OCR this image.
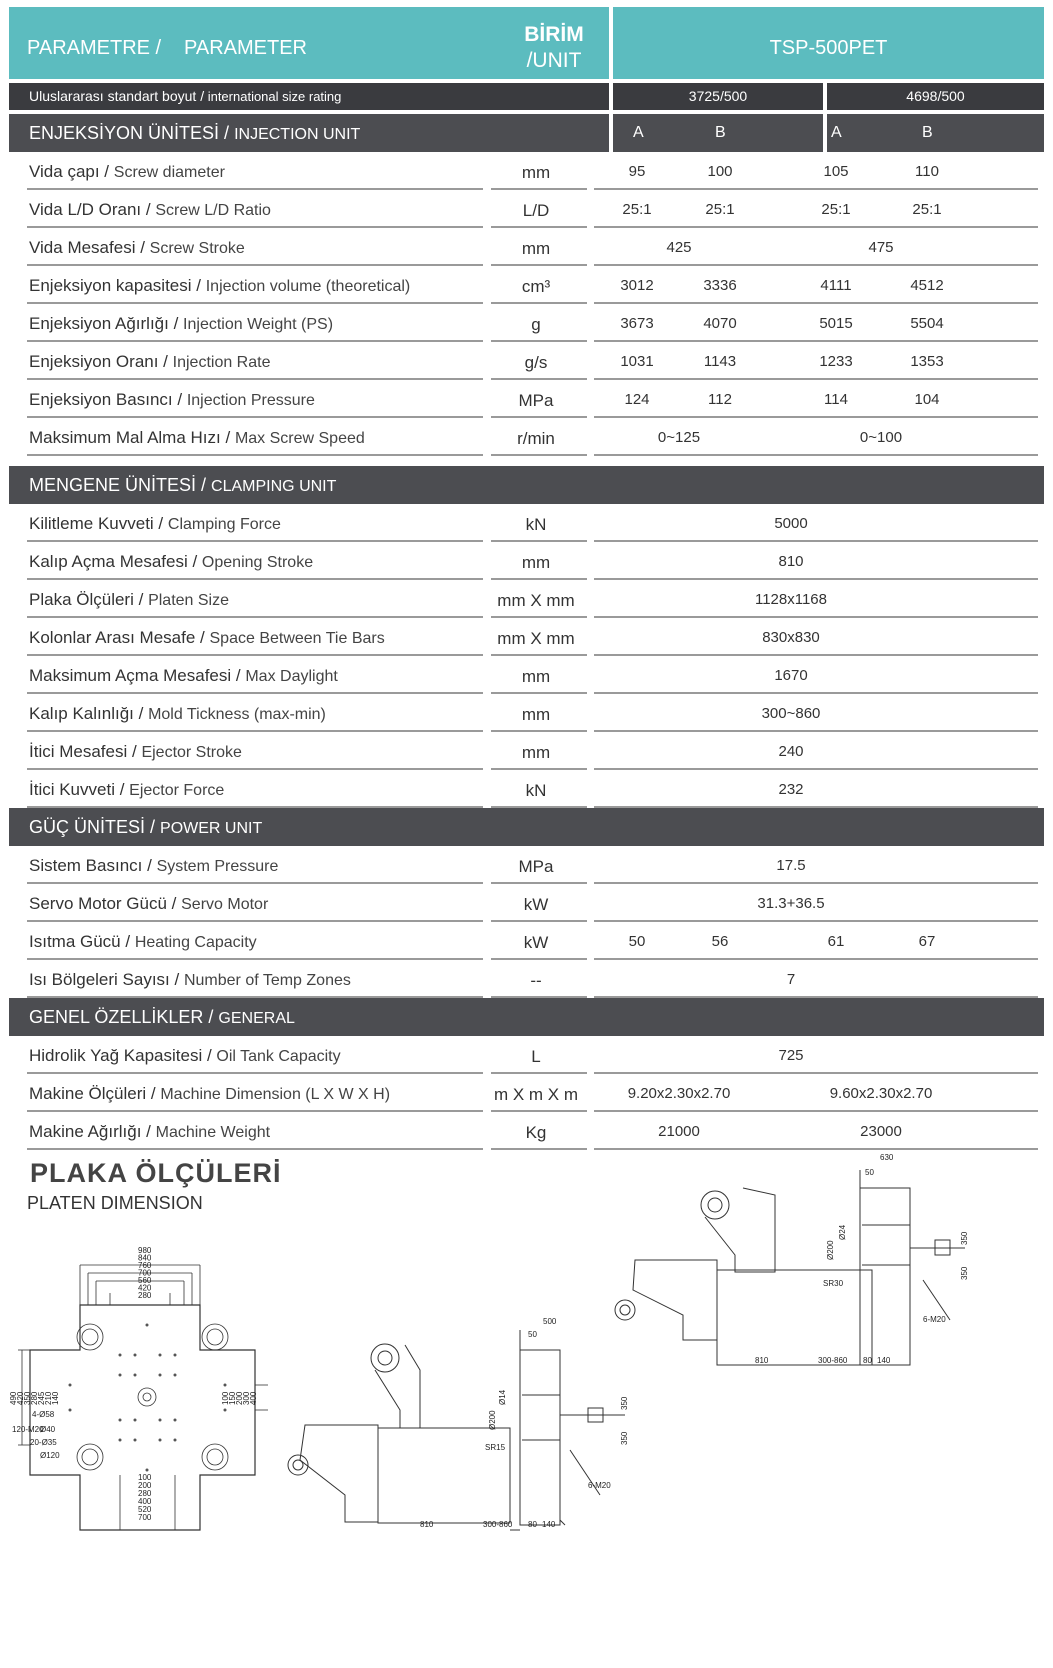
PARAMETRE / PARAMETER
BİRİM
/UNIT
TSP-500PET
Uluslararası standart boyut / international size rating	3725/500	4698/500
ENJEKSİYON ÜNİTESİ / INJECTION UNIT	A	B	A	B
Vida çapı / Screw diameter	mm	95	100	105	110
Vida L/D Oranı / Screw L/D Ratio	L/D	25:1	25:1	25:1	25:1
Vida Mesafesi / Screw Stroke	mm	425	475
Enjeksiyon kapasitesi / Injection volume (theoretical)	cm³	3012	3336	4111	4512
Enjeksiyon Ağırlığı / Injection Weight (PS)	g	3673	4070	5015	5504
Enjeksiyon Oranı / Injection Rate	g/s	1031	1143	1233	1353
Enjeksiyon Basıncı / Injection Pressure	MPa	124	112	114	104
Maksimum Mal Alma Hızı / Max Screw Speed	r/min	0~125	0~100
MENGENE ÜNİTESİ / CLAMPING UNIT
Kilitleme Kuvveti / Clamping Force	kN	5000
Kalıp Açma Mesafesi / Opening Stroke	mm	810
Plaka Ölçüleri / Platen Size	mm X mm	1128x1168
Kolonlar Arası Mesafe / Space Between Tie Bars	mm X mm	830x830
Maksimum Açma Mesafesi / Max Daylight	mm	1670
Kalıp Kalınlığı / Mold Tickness (max-min)	mm	300~860
İtici Mesafesi / Ejector Stroke	mm	240
İtici Kuvveti / Ejector Force	kN	232
GÜÇ ÜNİTESİ / POWER UNIT
Sistem Basıncı / System Pressure	MPa	17.5
Servo Motor Gücü / Servo Motor	kW	31.3+36.5
Isıtma Gücü / Heating Capacity	kW	50	56	61	67
Isı Bölgeleri Sayısı / Number of Temp Zones	--	7
GENEL ÖZELLİKLER / GENERAL
Hidrolik Yağ Kapasitesi / Oil Tank Capacity	L	725
Makine Ölçüleri / Machine Dimension (L X W X H)	m X m X m	9.20x2.30x2.70	9.60x2.30x2.70
Makine Ağırlığı / Machine Weight	Kg	21000	23000
PLAKA ÖLÇÜLERİ
PLATEN DIMENSION
980
840
760
700
560
420
280
490
420
350
280
245
210
140	100
150
200
300
400
100
200
280
400
520
700
4-Ø58
120-M20
Ø40
20-Ø35
Ø120
500
50
Ø14
Ø200
SR15
350
350
6-M20
810	300-860 80 140
630
50
Ø24
Ø200
SR30
350
350
6-M20
810	300-860 80 140
